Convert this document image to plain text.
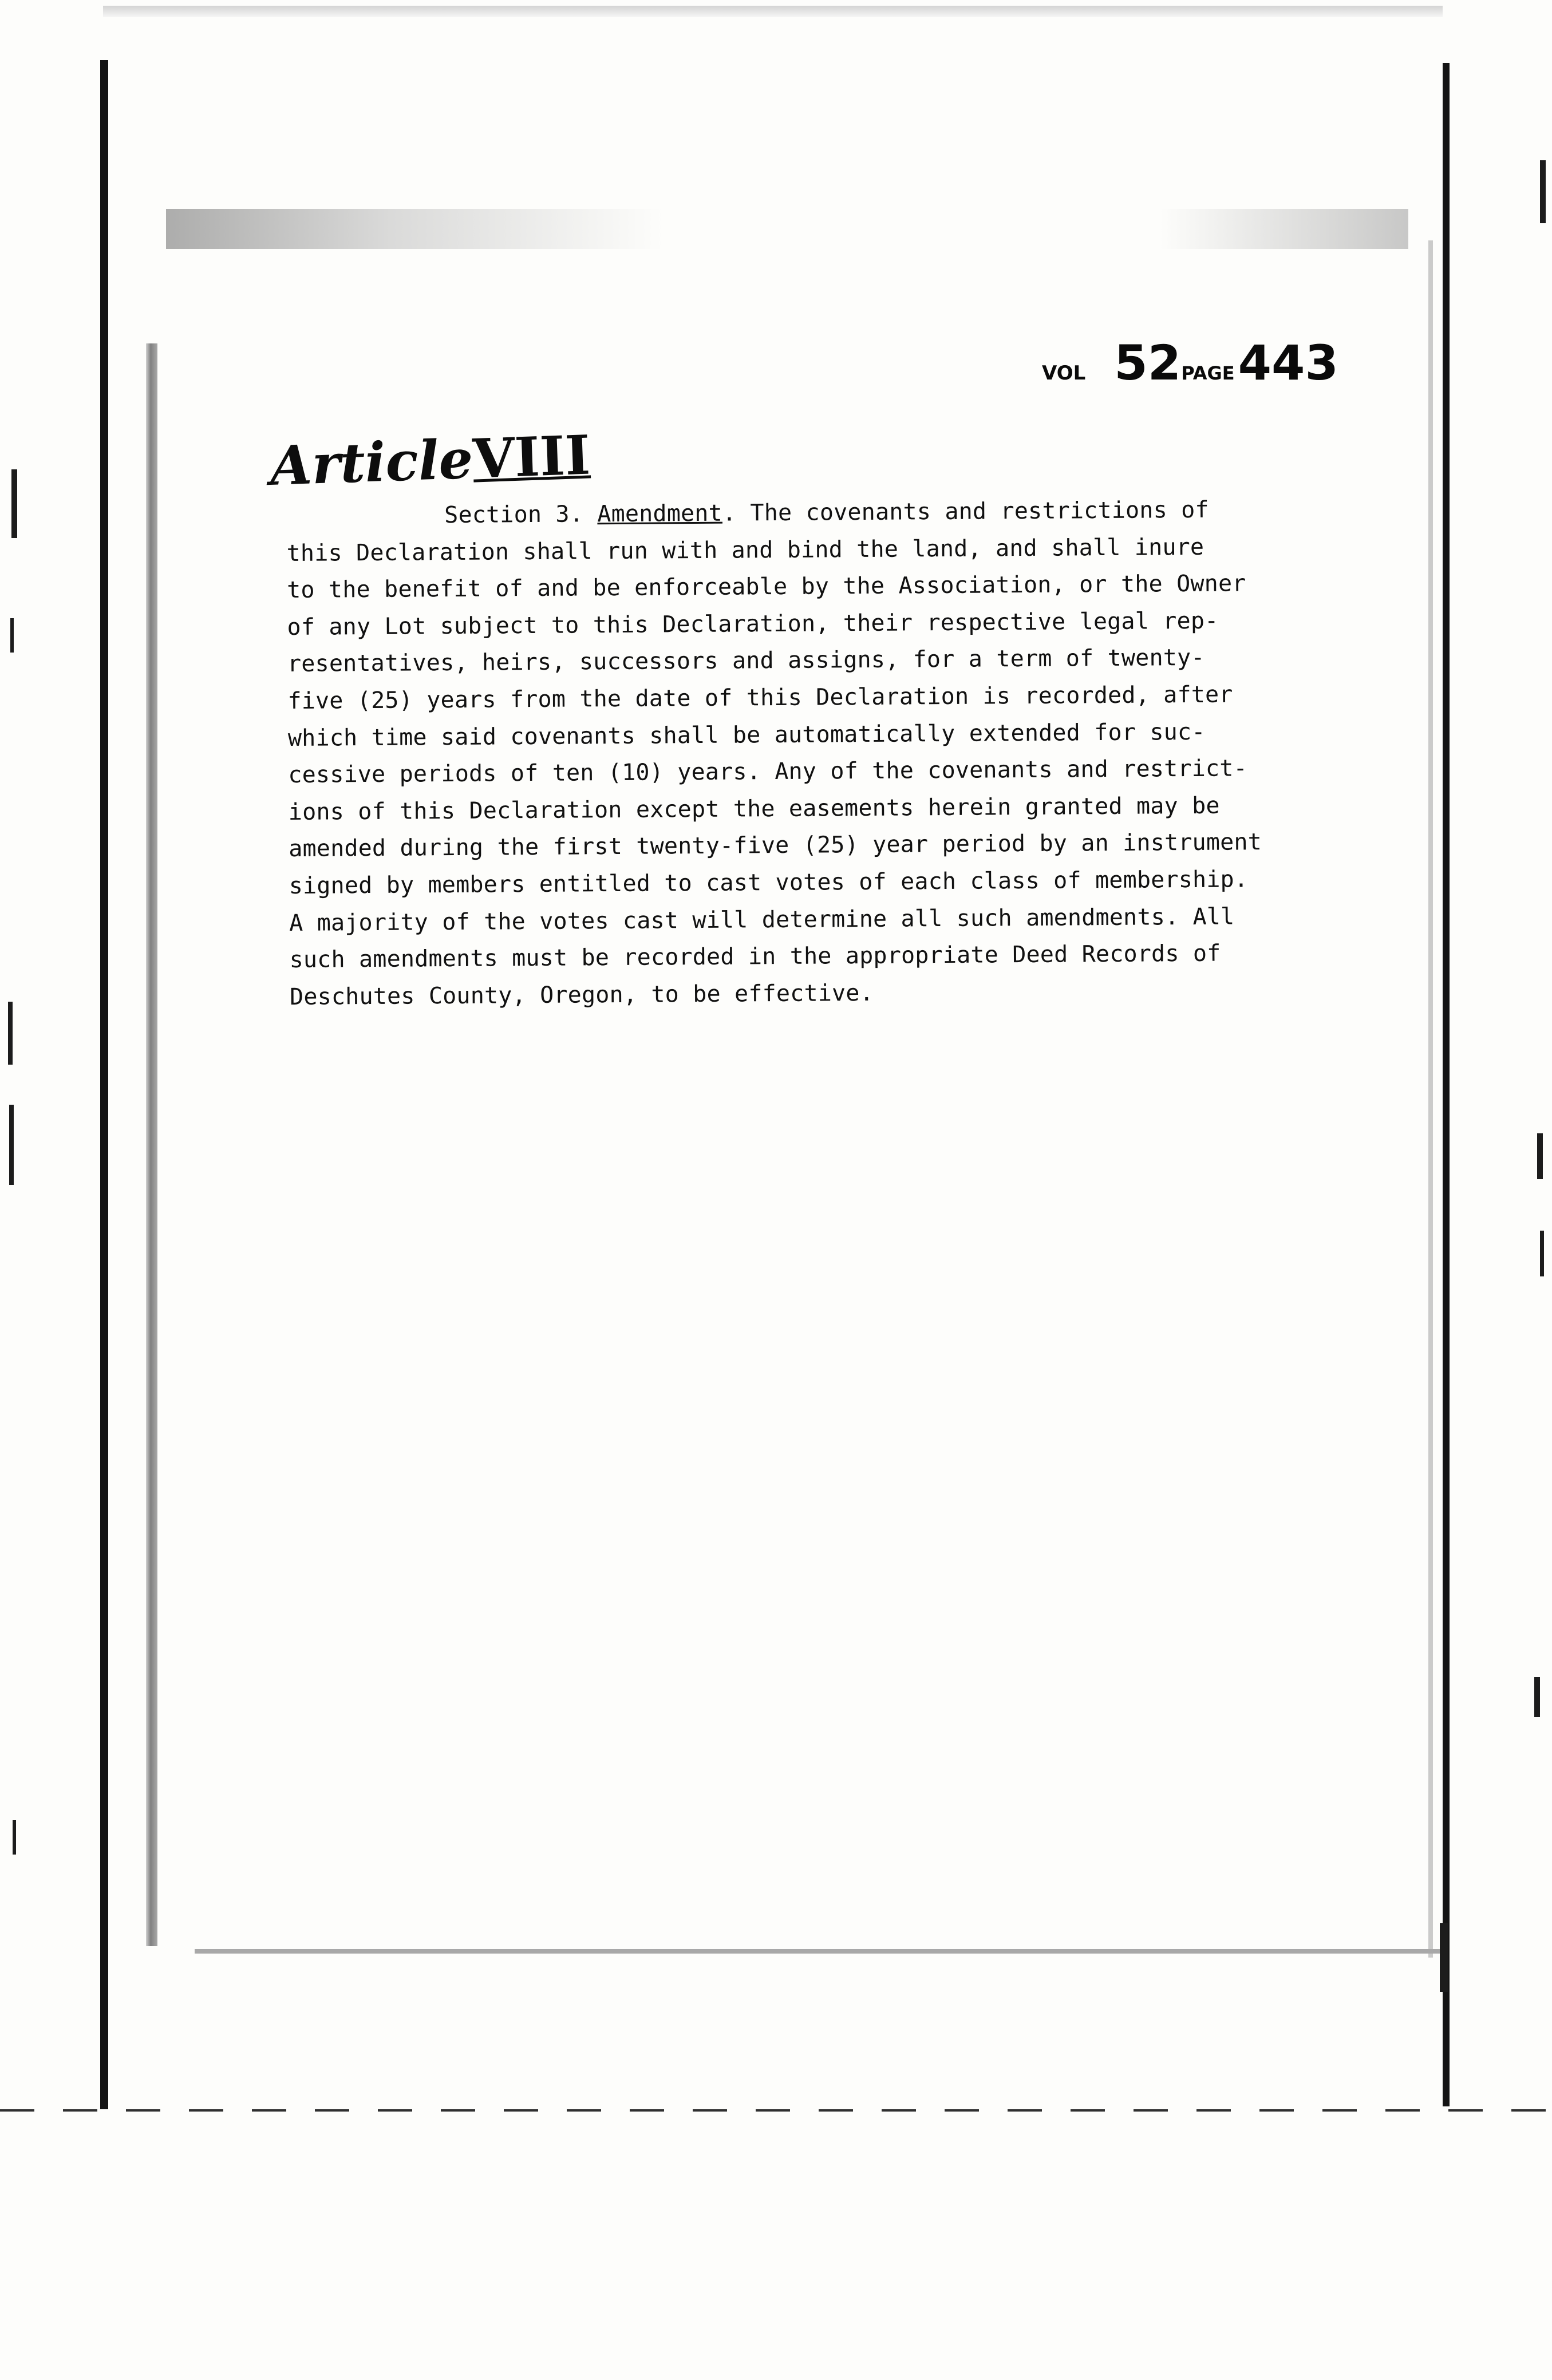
VOL 52PAGE443
ArticleVIII
Section 3. Amendment. The covenants and restrictions of
this Declaration shall run with and bind the land, and shall inure
to the benefit of and be enforceable by the Association, or the Owner
of any Lot subject to this Declaration, their respective legal rep-
resentatives, heirs, successors and assigns, for a term of twenty-
five (25) years from the date of this Declaration is recorded, after
which time said covenants shall be automatically extended for suc-
cessive periods of ten (10) years. Any of the covenants and restrict-
ions of this Declaration except the easements herein granted may be
amended during the first twenty-five (25) year period by an instrument
signed by members entitled to cast votes of each class of membership.
A majority of the votes cast will determine all such amendments. All
such amendments must be recorded in the appropriate Deed Records of
Deschutes County, Oregon, to be effective.
